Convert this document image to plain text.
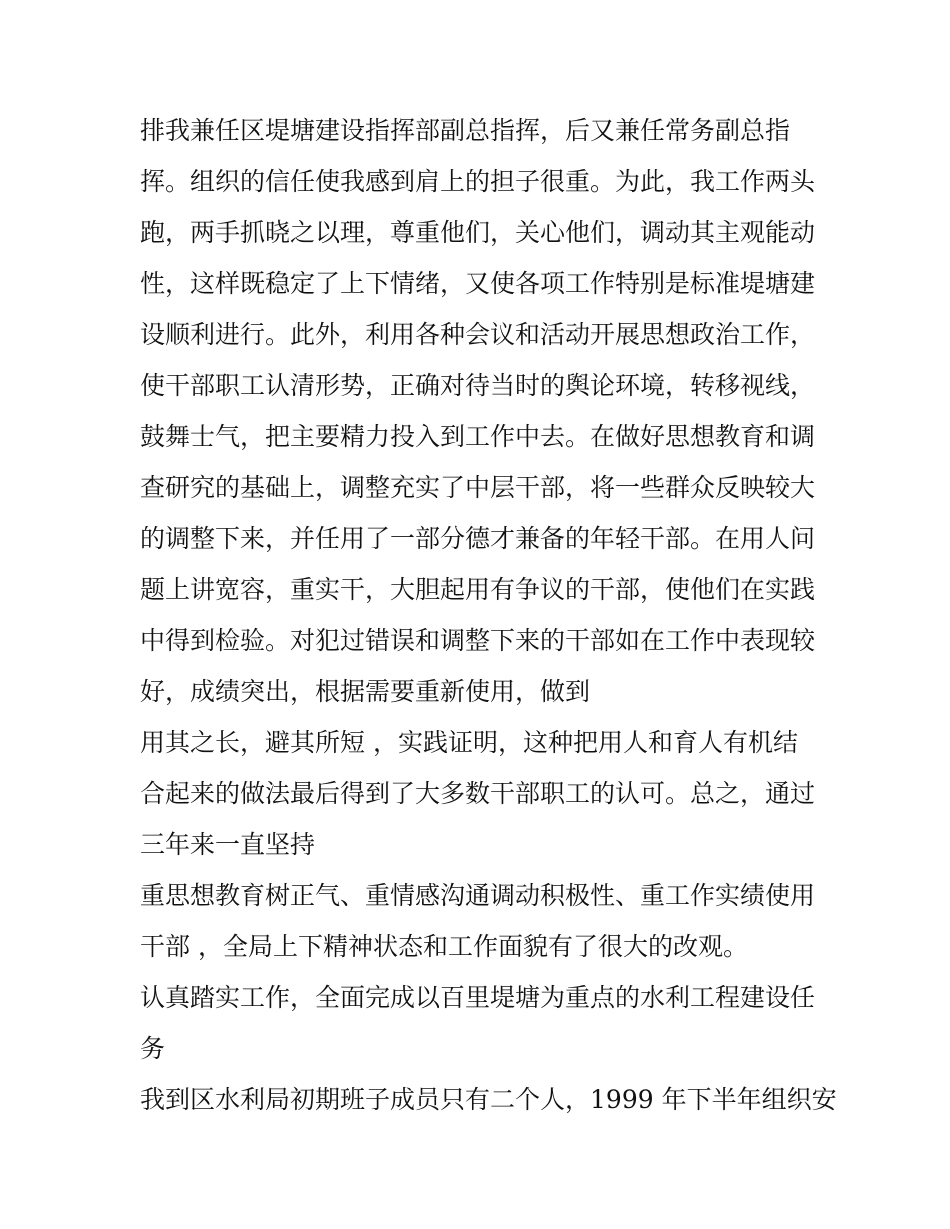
排我兼任区堤塘建设指挥部副总指挥，后又兼任常务副总指
挥。组织的信任使我感到肩上的担子很重。为此，我工作两头
跑，两手抓晓之以理，尊重他们，关心他们，调动其主观能动
性，这样既稳定了上下情绪，又使各项工作特别是标准堤塘建
设顺利进行。此外，利用各种会议和活动开展思想政治工作，
使干部职工认清形势，正确对待当时的舆论环境，转移视线，
鼓舞士气，把主要精力投入到工作中去。在做好思想教育和调
查研究的基础上，调整充实了中层干部，将一些群众反映较大
的调整下来，并任用了一部分德才兼备的年轻干部。在用人问
题上讲宽容，重实干，大胆起用有争议的干部，使他们在实践
中得到检验。对犯过错误和调整下来的干部如在工作中表现较
好，成绩突出，根据需要重新使用，做到
用其之长，避其所短 ，实践证明，这种把用人和育人有机结
合起来的做法最后得到了大多数干部职工的认可。总之，通过
三年来一直坚持
重思想教育树正气、重情感沟通调动积极性、重工作实绩使用
干部 ，全局上下精神状态和工作面貌有了很大的改观。
认真踏实工作，全面完成以百里堤塘为重点的水利工程建设任
务
我到区水利局初期班子成员只有二个人，1999 年下半年组织安
